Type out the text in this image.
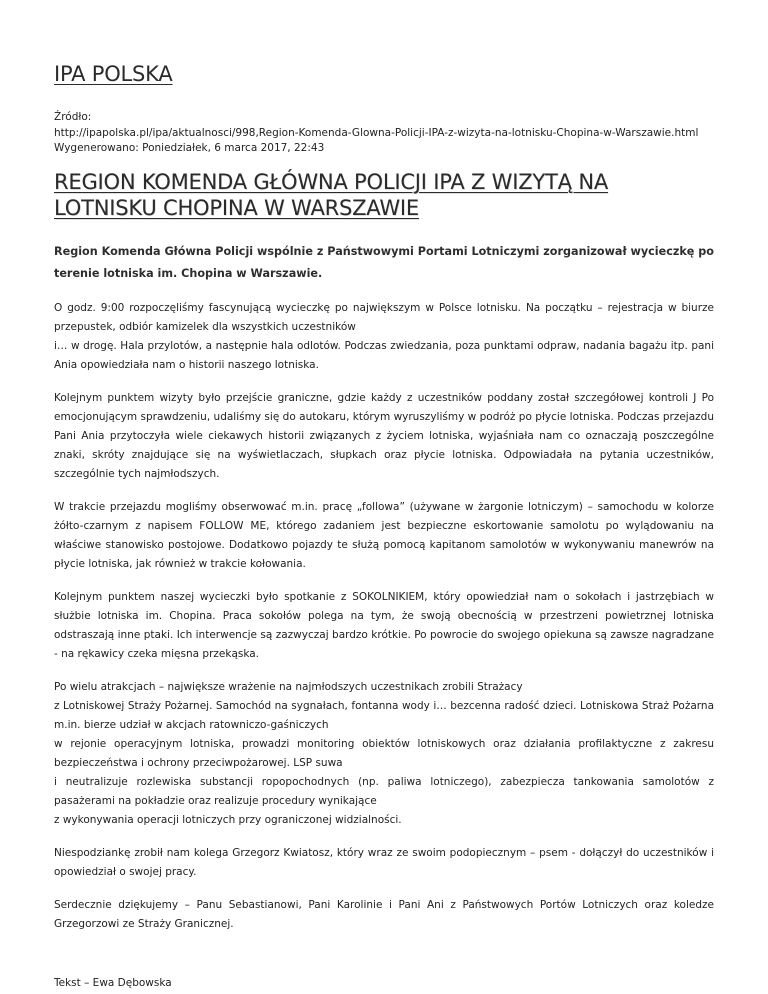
IPA POLSKA
Źródło:
http://ipapolska.pl/ipa/aktualnosci/998,Region-Komenda-Glowna-Policji-IPA-z-wizyta-na-lotnisku-Chopina-w-Warszawie.html
Wygenerowano: Poniedziałek, 6 marca 2017, 22:43
REGION KOMENDA GŁÓWNA POLICJI IPA Z WIZYTĄ NA LOTNISKU CHOPINA W WARSZAWIE

Region Komenda Główna Policji wspólnie z Państwowymi Portami Lotniczymi zorganizował wycieczkę po terenie lotniska im. Chopina w Warszawie.

O godz. 9:00 rozpoczęliśmy fascynującą wycieczkę po największym w Polsce lotnisku. Na początku – rejestracja w biurze przepustek, odbiór kamizelek dla wszystkich uczestników
i… w drogę. Hala przylotów, a następnie hala odlotów. Podczas zwiedzania, poza punktami odpraw, nadania bagażu itp. pani Ania opowiedziała nam o historii naszego lotniska.

Kolejnym punktem wizyty było przejście graniczne, gdzie każdy z uczestników poddany został szczegółowej kontroli J Po emocjonującym sprawdzeniu, udaliśmy się do autokaru, którym wyruszyliśmy w podróż po płycie lotniska. Podczas przejazdu Pani Ania przytoczyła wiele ciekawych historii związanych z życiem lotniska, wyjaśniała nam co oznaczają poszczególne znaki, skróty znajdujące się na wyświetlaczach, słupkach oraz płycie lotniska. Odpowiadała na pytania uczestników, szczególnie tych najmłodszych.

W trakcie przejazdu mogliśmy obserwować m.in. pracę „followa” (używane w żargonie lotniczym) – samochodu w kolorze żółto-czarnym z napisem FOLLOW ME, którego zadaniem jest bezpieczne eskortowanie samolotu po wylądowaniu na właściwe stanowisko postojowe. Dodatkowo pojazdy te służą pomocą kapitanom samolotów w wykonywaniu manewrów na płycie lotniska, jak również w trakcie kołowania.

Kolejnym punktem naszej wycieczki było spotkanie z SOKOLNIKIEM, który opowiedział nam o sokołach i jastrzębiach w służbie lotniska im. Chopina. Praca sokołów polega na tym, że swoją obecnością w przestrzeni powietrznej lotniska odstraszają inne ptaki. Ich interwencje są zazwyczaj bardzo krótkie. Po powrocie do swojego opiekuna są zawsze nagradzane - na rękawicy czeka mięsna przekąska.

Po wielu atrakcjach – największe wrażenie na najmłodszych uczestnikach zrobili Strażacy
z Lotniskowej Straży Pożarnej. Samochód na sygnałach, fontanna wody i… bezcenna radość dzieci. Lotniskowa Straż Pożarna m.in. bierze udział w akcjach ratowniczo-gaśniczych
w rejonie operacyjnym lotniska, prowadzi monitoring obiektów lotniskowych oraz działania profilaktyczne z zakresu bezpieczeństwa i ochrony przeciwpożarowej. LSP suwa
i neutralizuje rozlewiska substancji ropopochodnych (np. paliwa lotniczego), zabezpiecza tankowania samolotów z pasażerami na pokładzie oraz realizuje procedury wynikające
z wykonywania operacji lotniczych przy ograniczonej widzialności.

Niespodziankę zrobił nam kolega Grzegorz Kwiatosz, który wraz ze swoim podopiecznym – psem - dołączył do uczestników i opowiedział o swojej pracy.

Serdecznie dziękujemy – Panu Sebastianowi, Pani Karolinie i Pani Ani z Państwowych Portów Lotniczych oraz koledze Grzegorzowi ze Straży Granicznej.

Tekst – Ewa Dębowska
